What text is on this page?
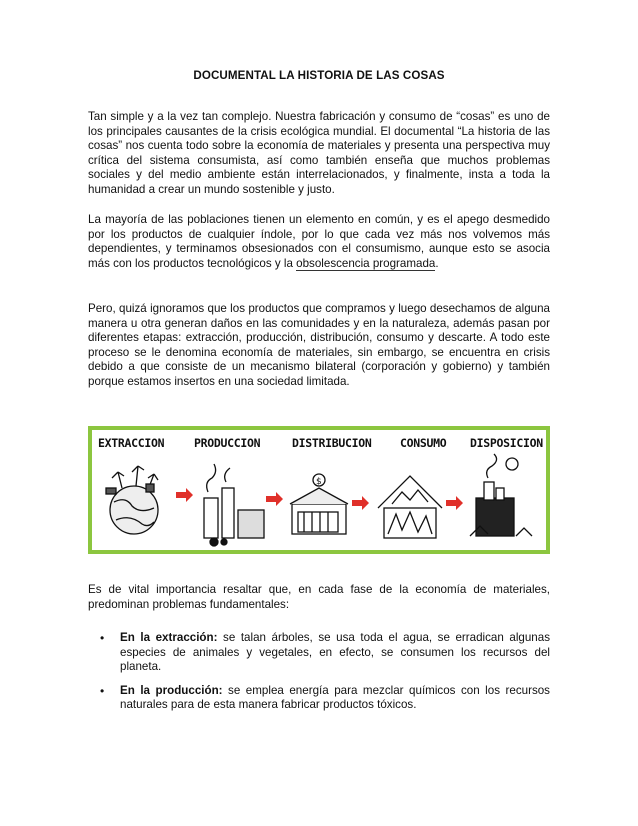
DOCUMENTAL LA HISTORIA DE LAS COSAS

Tan simple y a la vez tan complejo. Nuestra fabricación y consumo de “cosas” es uno de los principales causantes de la crisis ecológica mundial. El documental “La historia de las cosas” nos cuenta todo sobre la economía de materiales y presenta una perspectiva muy crítica del sistema consumista, así como también enseña que muchos problemas sociales y del medio ambiente están interrelacionados, y finalmente, insta a toda la humanidad a crear un mundo sostenible y justo.

La mayoría de las poblaciones tienen un elemento en común, y es el apego desmedido por los productos de cualquier índole, por lo que cada vez más nos volvemos más dependientes, y terminamos obsesionados con el consumismo, aunque esto se asocia más con los productos tecnológicos y la obsolescencia programada.

Pero, quizá ignoramos que los productos que compramos y luego desechamos de alguna manera u otra generan daños en las comunidades y en la naturaleza, además pasan por diferentes etapas: extracción, producción, distribución, consumo y descarte. A todo este proceso se le denomina economía de materiales, sin embargo, se encuentra en crisis debido a que consiste de un mecanismo bilateral (corporación y gobierno) y también porque estamos insertos en una sociedad limitada.

EXTRACCION	PRODUCCION	DISTRIBUCION CONSUMO DISPOSICION
$

Es de vital importancia resaltar que, en cada fase de la economía de materiales, predominan problemas fundamentales:

• En la extracción: se talan árboles, se usa toda el agua, se erradican algunas especies de animales y vegetales, en efecto, se consumen los recursos del planeta.
• En la producción: se emplea energía para mezclar químicos con los recursos naturales para de esta manera fabricar productos tóxicos.
